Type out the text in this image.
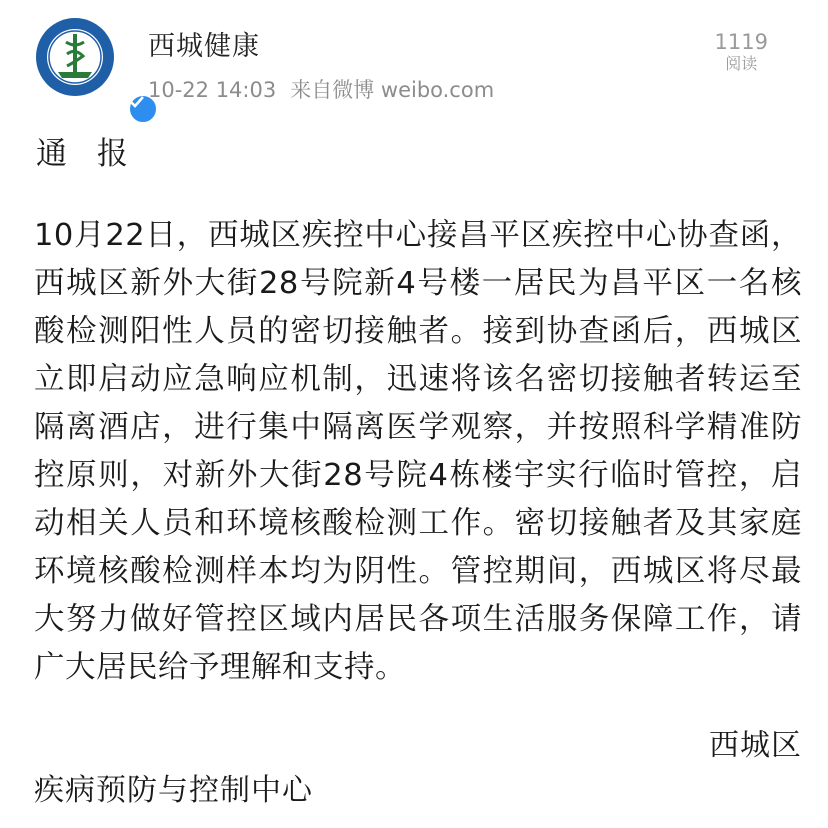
西城健康
10-22 14:03 来自微博 weibo.com
1119
阅读
通 报
10月22日，西城区疾控中心接昌平区疾控中心协查函，西城区新外大街28号院新4号楼一居民为昌平区一名核酸检测阳性人员的密切接触者。接到协查函后，西城区立即启动应急响应机制，迅速将该名密切接触者转运至隔离酒店，进行集中隔离医学观察，并按照科学精准防控原则，对新外大街28号院4栋楼宇实行临时管控，启动相关人员和环境核酸检测工作。密切接触者及其家庭环境核酸检测样本均为阴性。管控期间，西城区将尽最大努力做好管控区域内居民各项生活服务保障工作，请广大居民给予理解和支持。
西城区
疾病预防与控制中心
